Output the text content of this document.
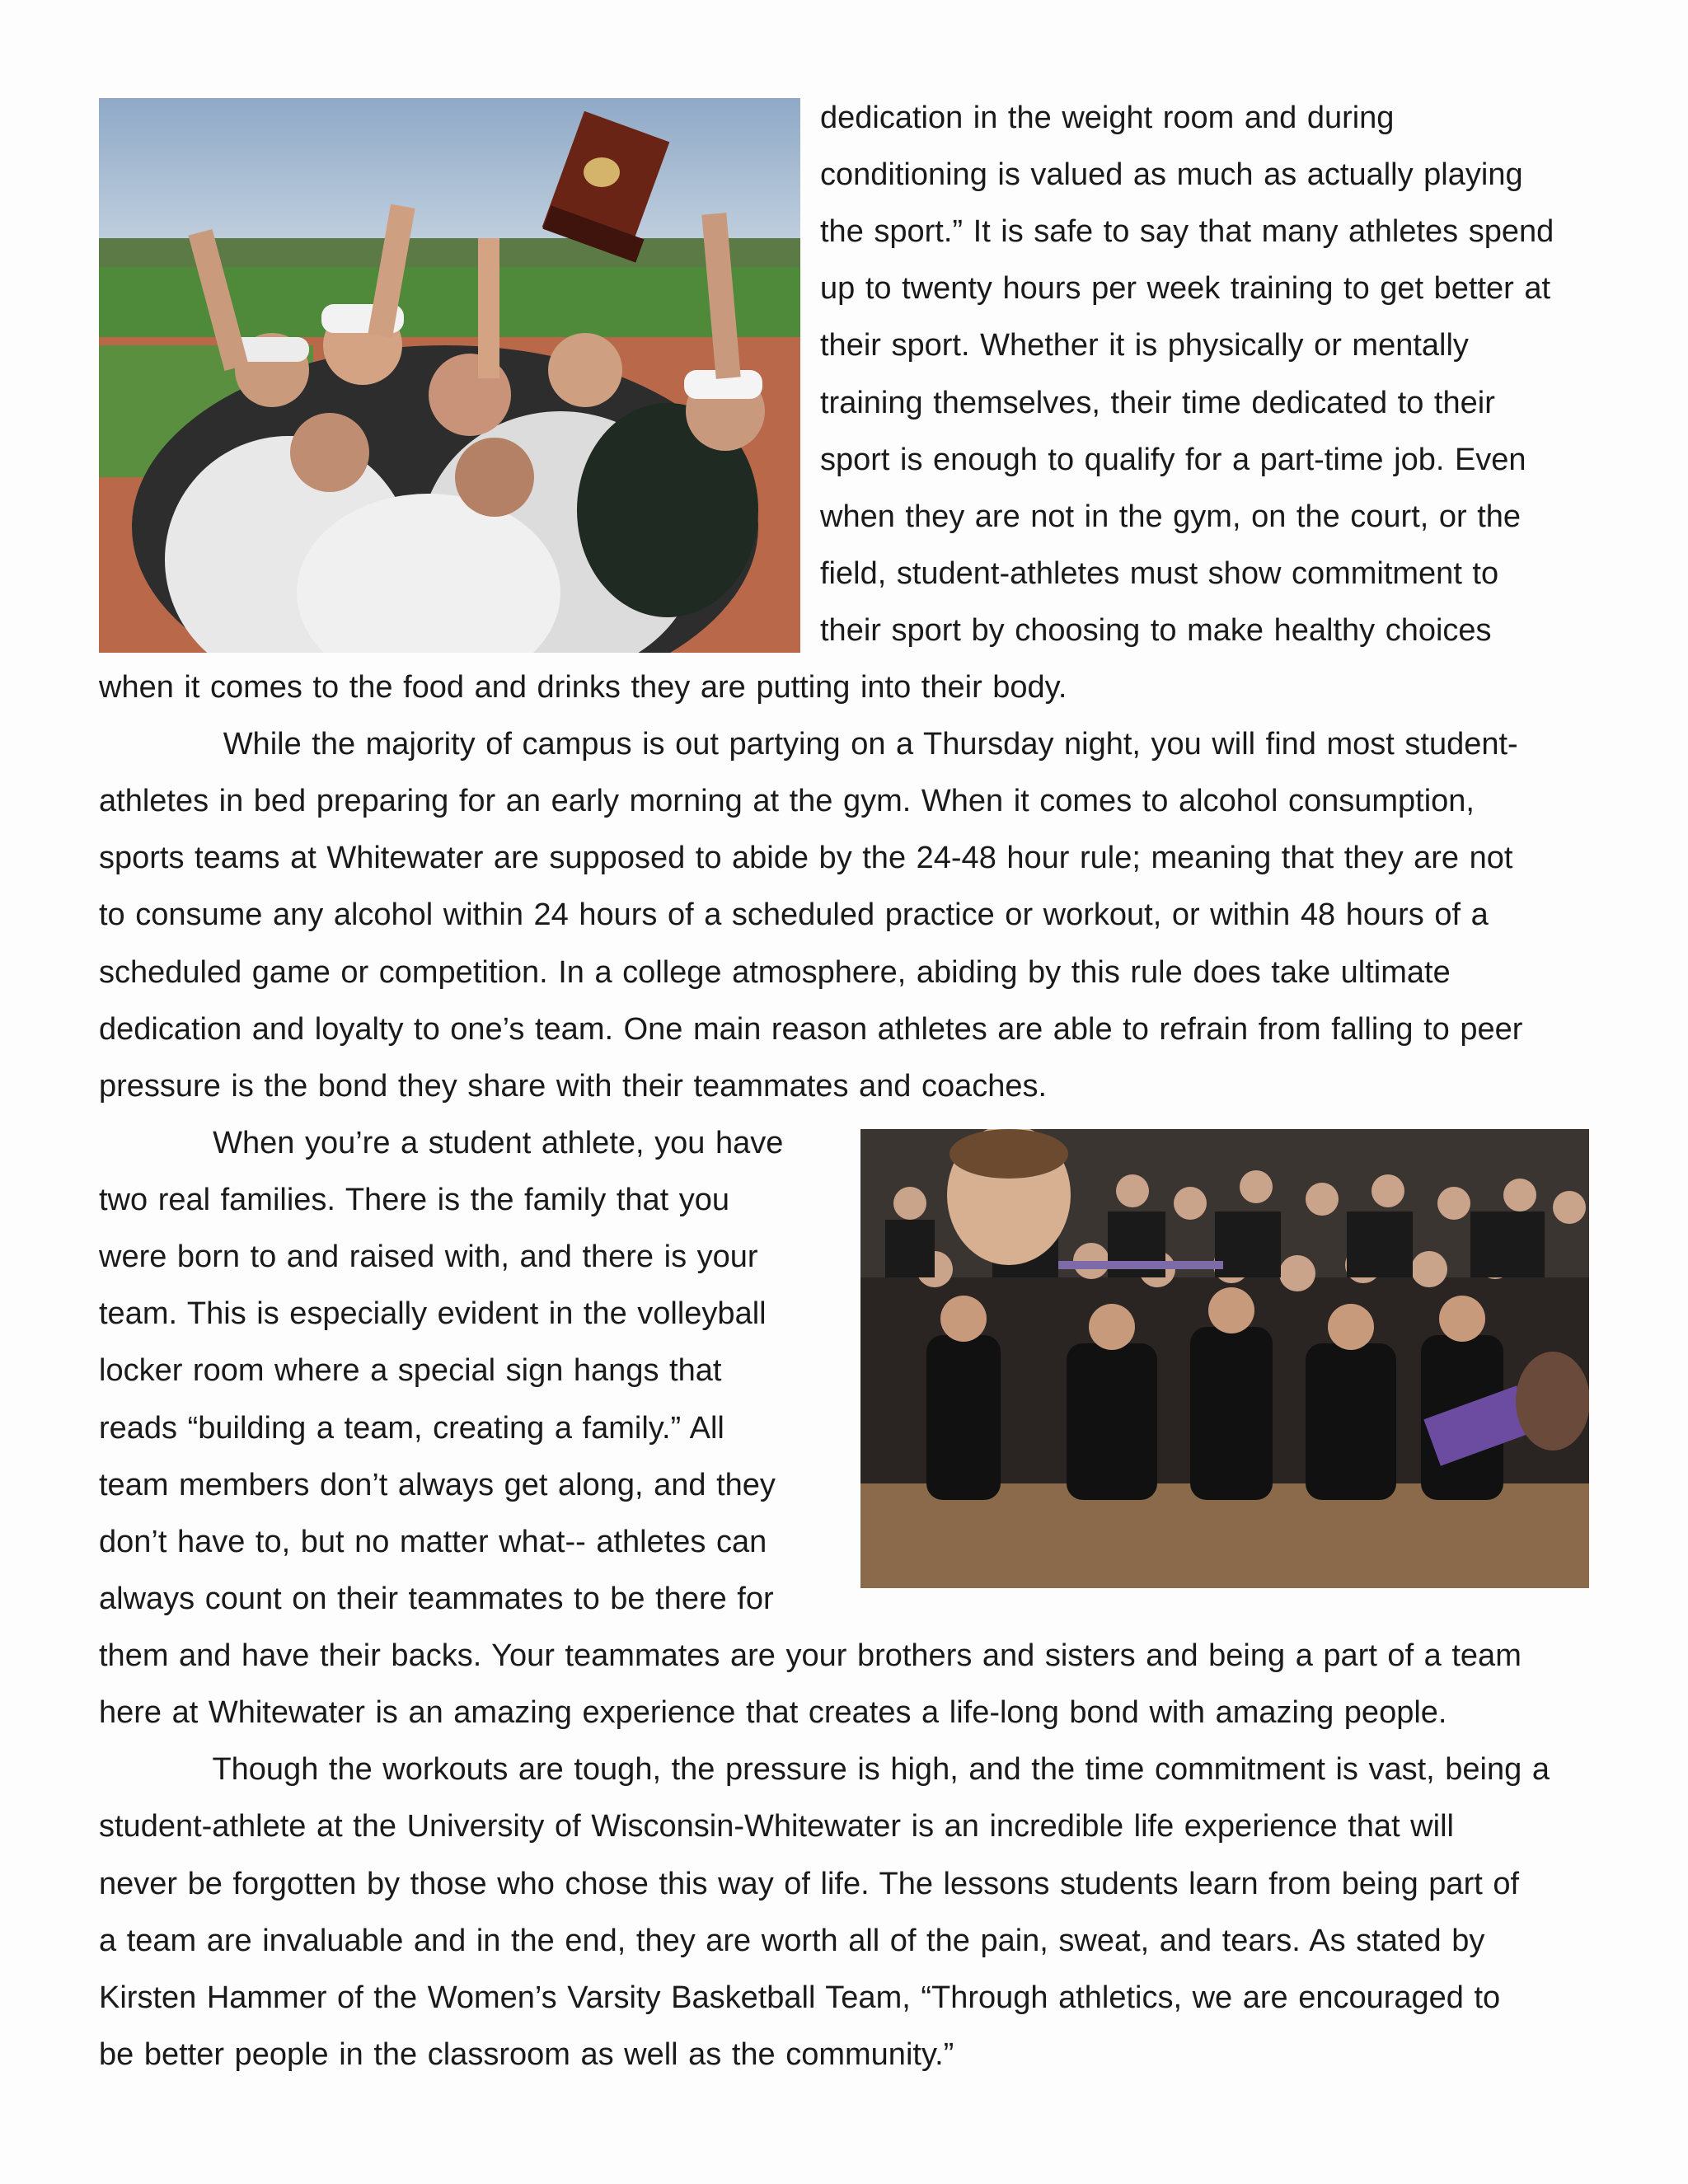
dedication in the weight room and during
conditioning is valued as much as actually playing
the sport.” It is safe to say that many athletes spend
up to twenty hours per week training to get better at
their sport. Whether it is physically or mentally
training themselves, their time dedicated to their
sport is enough to qualify for a part-time job. Even
when they are not in the gym, on the court, or the
field, student-athletes must show commitment to
their sport by choosing to make healthy choices
when it comes to the food and drinks they are putting into their body.
While the majority of campus is out partying on a Thursday night, you will find most student-
athletes in bed preparing for an early morning at the gym. When it comes to alcohol consumption,
sports teams at Whitewater are supposed to abide by the 24-48 hour rule; meaning that they are not
to consume any alcohol within 24 hours of a scheduled practice or workout, or within 48 hours of a
scheduled game or competition. In a college atmosphere, abiding by this rule does take ultimate
dedication and loyalty to one’s team. One main reason athletes are able to refrain from falling to peer
pressure is the bond they share with their teammates and coaches.
When you’re a student athlete, you have
two real families. There is the family that you
were born to and raised with, and there is your
team. This is especially evident in the volleyball
locker room where a special sign hangs that
reads “building a team, creating a family.” All
team members don’t always get along, and they
don’t have to, but no matter what-- athletes can
always count on their teammates to be there for
them and have their backs. Your teammates are your brothers and sisters and being a part of a team
here at Whitewater is an amazing experience that creates a life-long bond with amazing people.
Though the workouts are tough, the pressure is high, and the time commitment is vast, being a
student-athlete at the University of Wisconsin-Whitewater is an incredible life experience that will
never be forgotten by those who chose this way of life. The lessons students learn from being part of
a team are invaluable and in the end, they are worth all of the pain, sweat, and tears. As stated by
Kirsten Hammer of the Women’s Varsity Basketball Team, “Through athletics, we are encouraged to
be better people in the classroom as well as the community.”
